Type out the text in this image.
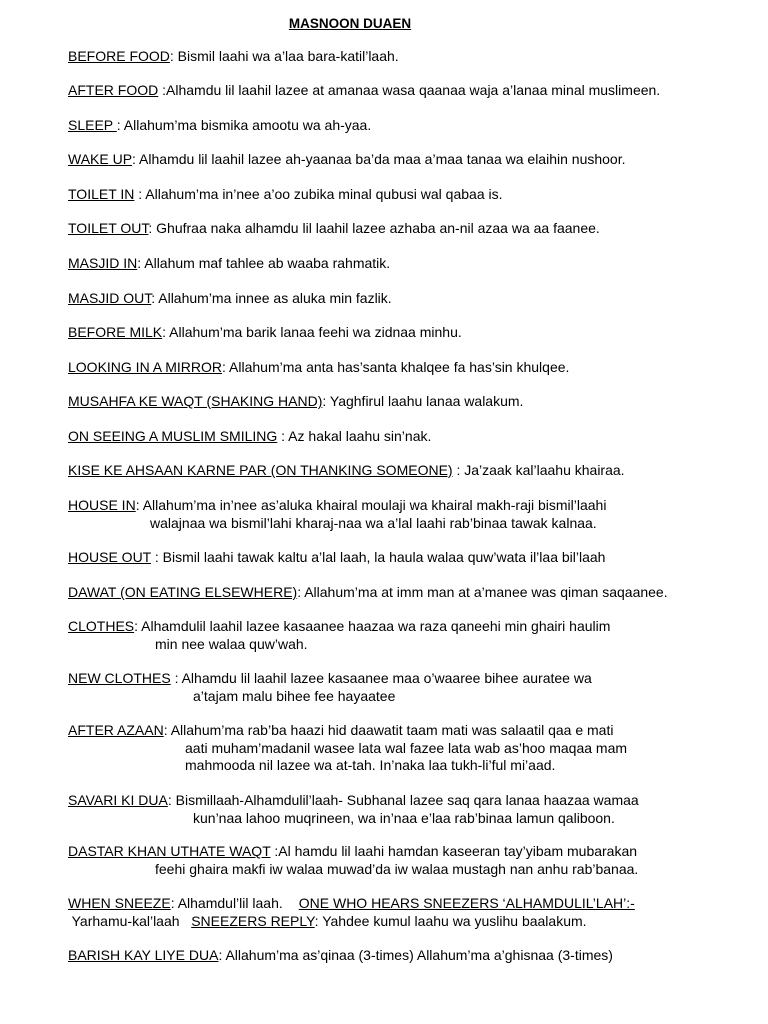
MASNOON DUAEN
BEFORE FOOD: Bismil laahi wa a’laa bara-katil’laah.
AFTER FOOD :Alhamdu lil laahil lazee at amanaa wasa qaanaa waja a’lanaa minal muslimeen.
SLEEP : Allahum’ma bismika amootu wa ah-yaa.
WAKE UP: Alhamdu lil laahil lazee ah-yaanaa ba’da maa a’maa tanaa wa elaihin nushoor.
TOILET IN : Allahum’ma in’nee a’oo zubika minal qubusi wal qabaa is.
TOILET OUT: Ghufraa naka alhamdu lil laahil lazee azhaba an-nil azaa wa aa faanee.
MASJID IN: Allahum maf tahlee ab waaba rahmatik.
MASJID OUT: Allahum’ma innee as aluka min fazlik.
BEFORE MILK: Allahum’ma barik lanaa feehi wa zidnaa minhu.
LOOKING IN A MIRROR: Allahum’ma anta has’santa khalqee fa has’sin khulqee.
MUSAHFA KE WAQT (SHAKING HAND): Yaghfirul laahu lanaa walakum.
ON SEEING A MUSLIM SMILING : Az hakal laahu sin’nak.
KISE KE AHSAAN KARNE PAR (ON THANKING SOMEONE) : Ja’zaak kal’laahu khairaa.
HOUSE IN: Allahum’ma in’nee as’aluka khairal moulaji wa khairal makh-raji bismil’laahi
walajnaa wa bismil’lahi kharaj-naa wa a’lal laahi rab’binaa tawak kalnaa.
HOUSE OUT : Bismil laahi tawak kaltu a’lal laah, la haula walaa quw’wata il’laa bil’laah
DAWAT (ON EATING ELSEWHERE): Allahum’ma at imm man at a’manee was qiman saqaanee.
CLOTHES: Alhamdulil laahil lazee kasaanee haazaa wa raza qaneehi min ghairi haulim
min nee walaa quw’wah.
NEW CLOTHES : Alhamdu lil laahil lazee kasaanee maa o’waaree bihee auratee wa
a’tajam malu bihee fee hayaatee
AFTER AZAAN: Allahum’ma rab’ba haazi hid daawatit taam mati was salaatil qaa e mati
aati muham’madanil wasee lata wal fazee lata wab as’hoo maqaa mam
mahmooda nil lazee wa at-tah. In’naka laa tukh-li’ful mi’aad.
SAVARI KI DUA: Bismillaah-Alhamdulil’laah- Subhanal lazee saq qara lanaa haazaa wamaa
kun’naa lahoo muqrineen, wa in’naa e’laa rab’binaa lamun qaliboon.
DASTAR KHAN UTHATE WAQT :Al hamdu lil laahi hamdan kaseeran tay’yibam mubarakan
feehi ghaira makfi iw walaa muwad’da iw walaa mustagh nan anhu rab’banaa.
WHEN SNEEZE: Alhamdul’lil laah. ONE WHO HEARS SNEEZERS ‘ALHAMDULIL’LAH’:-
Yarhamu-kal’laah   SNEEZERS REPLY: Yahdee kumul laahu wa yuslihu baalakum.
BARISH KAY LIYE DUA: Allahum’ma as’qinaa (3-times) Allahum’ma a’ghisnaa (3-times)
